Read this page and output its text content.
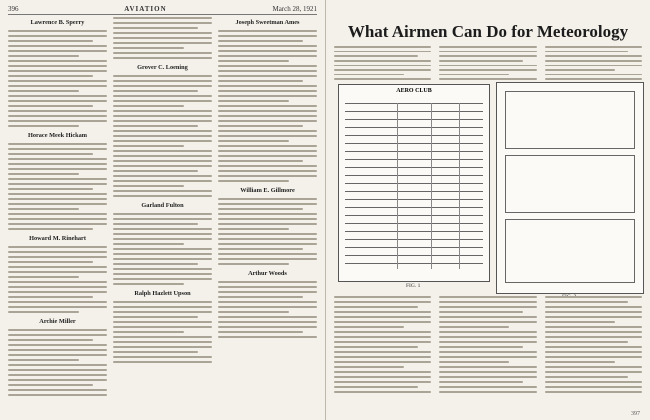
396	AVIATION	March 28, 1921
Lawrence B. Sperry
Horace Meek Hickam
Howard M. Rinehart
Archie Miller
Grover C. Loening
Garland Fulton
Ralph Hazlett Upson
Joseph Sweetman Ames
William E. Gillmore
Arthur Woods
What Airmen Can Do for Meteorology
AERO CLUB
FIG. 1
397
